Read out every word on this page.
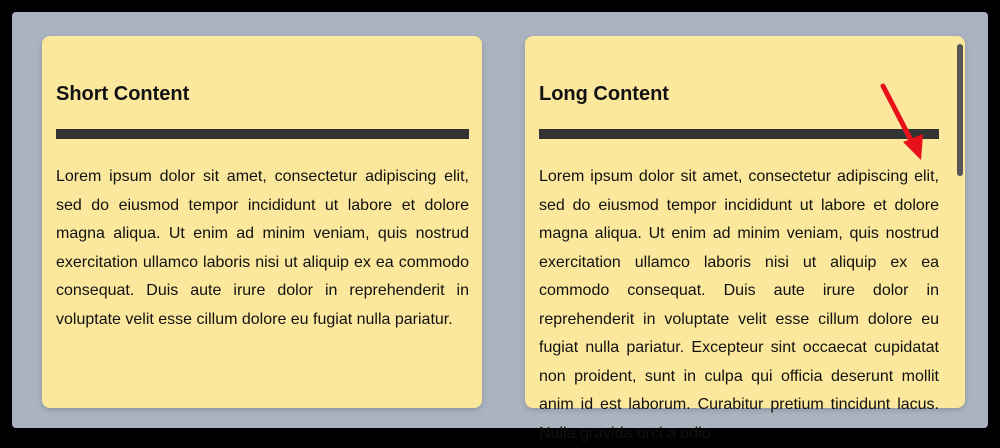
Short Content

Lorem ipsum dolor sit amet, consectetur adipiscing elit, sed do eiusmod tempor incididunt ut labore et dolore magna aliqua. Ut enim ad minim veniam, quis nostrud exercitation ullamco laboris nisi ut aliquip ex ea commodo consequat. Duis aute irure dolor in reprehenderit in voluptate velit esse cillum dolore eu fugiat nulla pariatur.

Long Content

Lorem ipsum dolor sit amet, consectetur adipiscing elit, sed do eiusmod tempor incididunt ut labore et dolore magna aliqua. Ut enim ad minim veniam, quis nostrud exercitation ullamco laboris nisi ut aliquip ex ea commodo consequat. Duis aute irure dolor in reprehenderit in voluptate velit esse cillum dolore eu fugiat nulla pariatur. Excepteur sint occaecat cupidatat non proident, sunt in culpa qui officia deserunt mollit anim id est laborum. Curabitur pretium tincidunt lacus. Nulla gravida orci a odio.
